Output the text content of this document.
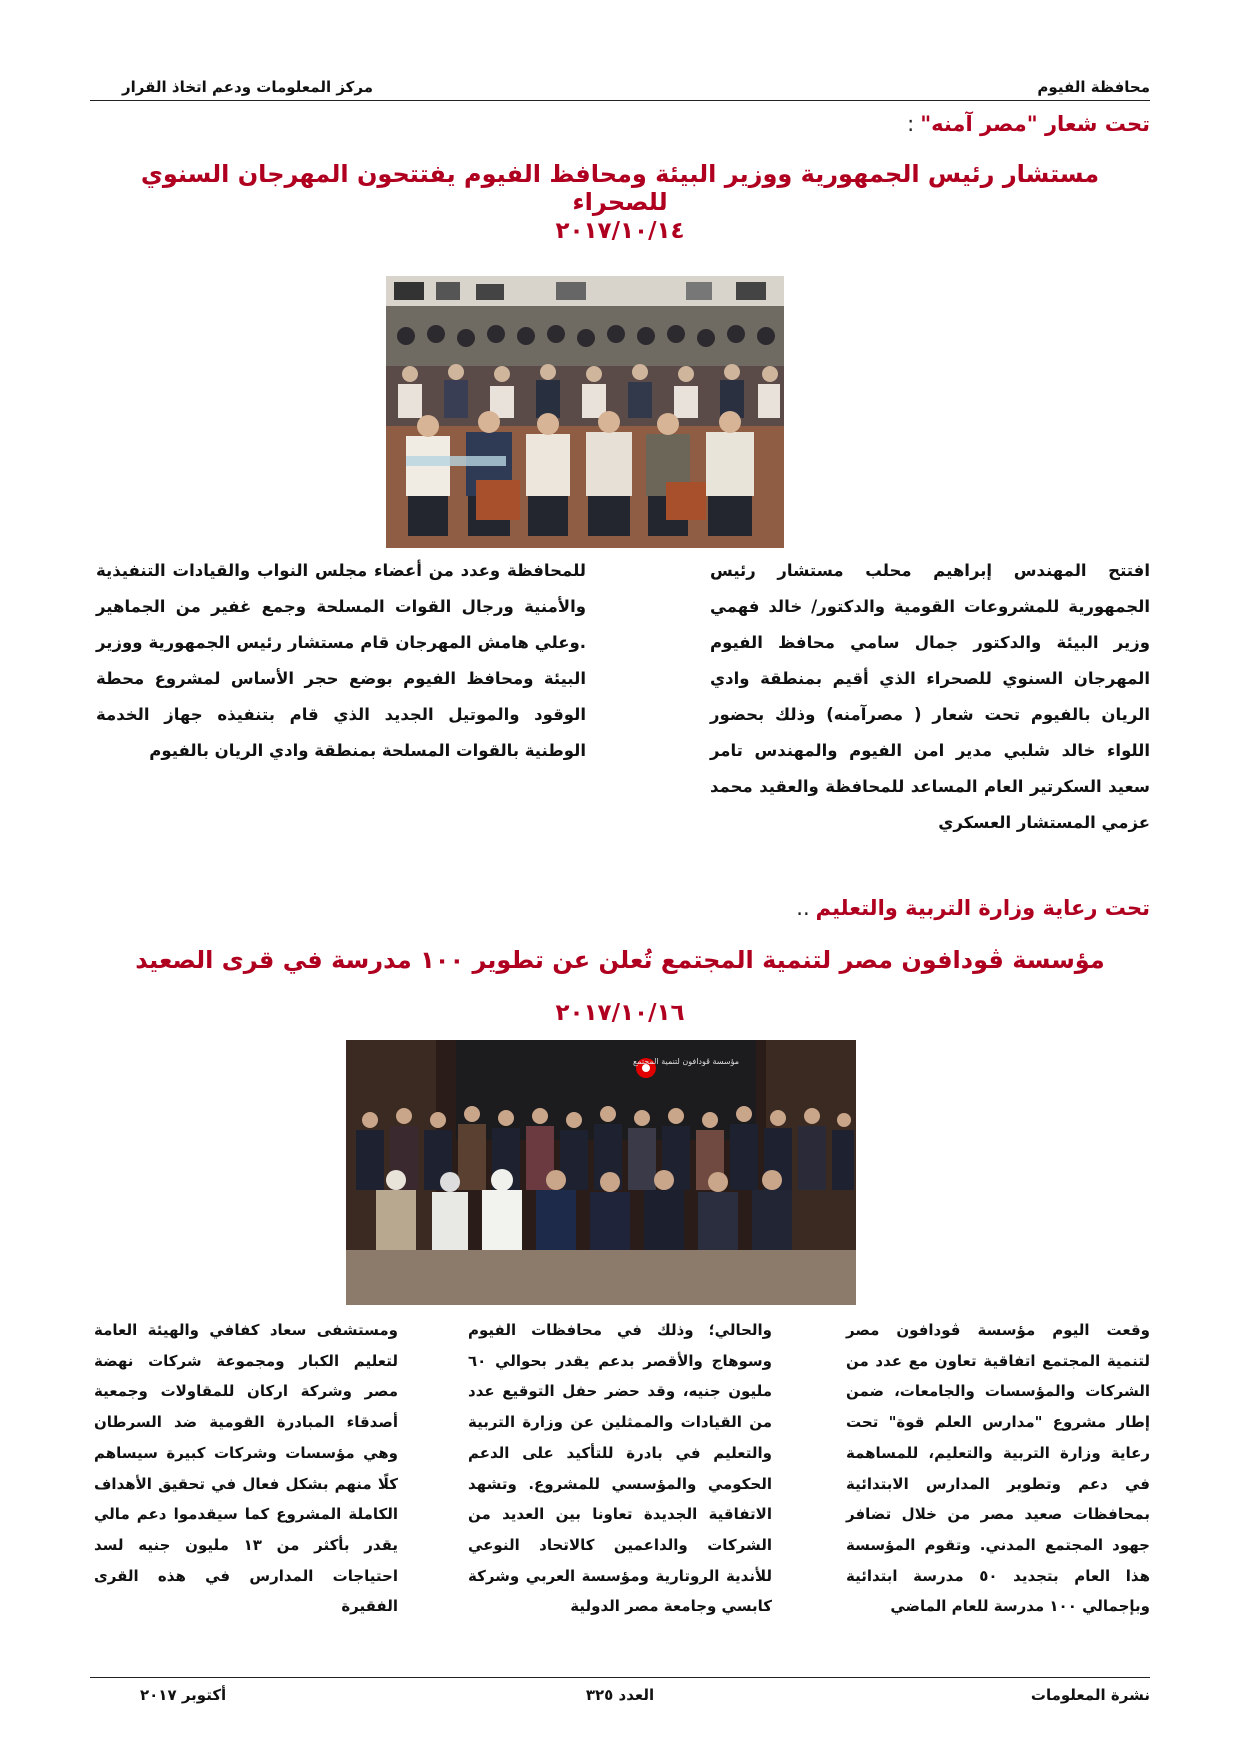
محافظة الفيوم
مركز المعلومات ودعم اتخاذ القرار
تحت شعار "مصر آمنه":
مستشار رئيس الجمهورية ووزير البيئة ومحافظ الفيوم يفتتحون المهرجان السنوي للصحراء
٢٠١٧/١٠/١٤
افتتح المهندس إبراهيم محلب مستشار رئيس الجمهورية للمشروعات القومية والدكتور/ خالد فهمي وزير البيئة والدكتور جمال سامي محافظ الفيوم المهرجان السنوي للصحراء الذي أقيم بمنطقة وادي الريان بالفيوم تحت شعار ( مصرآمنه) وذلك بحضور اللواء خالد شلبي مدير امن الفيوم والمهندس تامر سعيد السكرتير العام المساعد للمحافظة والعقيد محمد عزمي المستشار العسكري
للمحافظة وعدد من أعضاء مجلس النواب والقيادات التنفيذية والأمنية ورجال القوات المسلحة وجمع غفير من الجماهير .وعلي هامش المهرجان قام مستشار رئيس الجمهورية ووزير البيئة ومحافظ الفيوم بوضع حجر الأساس لمشروع محطة الوقود والموتيل الجديد الذي قام بتنفيذه جهاز الخدمة الوطنية بالقوات المسلحة بمنطقة وادي الريان بالفيوم
تحت رعاية وزارة التربية والتعليم..
مؤسسة ڤودافون مصر لتنمية المجتمع تُعلن عن تطوير ١٠٠ مدرسة في قرى الصعيد
٢٠١٧/١٠/١٦
مؤسسة ڤودافون لتنمية المجتمع
وقعت اليوم مؤسسة ڤودافون مصر لتنمية المجتمع اتفاقية تعاون مع عدد من الشركات والمؤسسات والجامعات، ضمن إطار مشروع "مدارس العلم قوة" تحت رعاية وزارة التربية والتعليم، للمساهمة في دعم وتطوير المدارس الابتدائية بمحافظات صعيد مصر من خلال تضافر جهود المجتمع المدني. وتقوم المؤسسة هذا العام بتجديد ٥٠ مدرسة ابتدائية وبإجمالي ١٠٠ مدرسة للعام الماضي
والحالي؛ وذلك في محافظات الفيوم وسوهاج والأقصر بدعم يقدر بحوالي ٦٠ مليون جنيه، وقد حضر حفل التوقيع عدد من القيادات والممثلين عن وزارة التربية والتعليم في بادرة للتأكيد على الدعم الحكومي والمؤسسي للمشروع. وتشهد الاتفاقية الجديدة تعاونا بين العديد من الشركات والداعمين كالاتحاد النوعي للأندية الروتارية ومؤسسة العربي وشركة كابسي وجامعة مصر الدولية
ومستشفى سعاد كفافي والهيئة العامة لتعليم الكبار ومجموعة شركات نهضة مصر وشركة اركان للمقاولات وجمعية أصدقاء المبادرة القومية ضد السرطان وهي مؤسسات وشركات كبيرة سيساهم كلًا منهم بشكل فعال في تحقيق الأهداف الكاملة المشروع كما سيقدموا دعم مالي يقدر بأكثر من ١٣ مليون جنيه لسد احتياجات المدارس في هذه القرى الفقيرة
نشرة المعلومات
العدد ٣٢٥
أكتوبر ٢٠١٧
